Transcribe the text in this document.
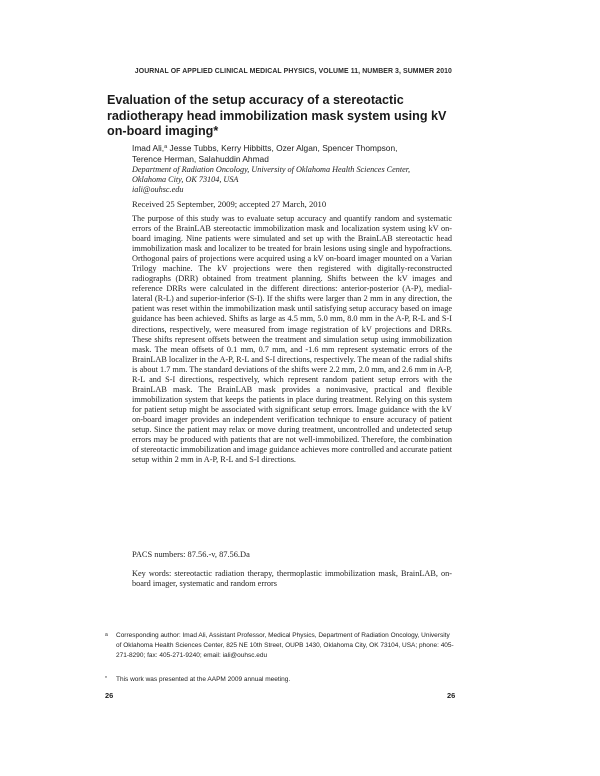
JOURNAL OF APPLIED CLINICAL MEDICAL PHYSICS, VOLUME 11, NUMBER 3, SUMMER 2010
Evaluation of the setup accuracy of a stereotactic radiotherapy head immobilization mask system using kV on-board imaging*
Imad Ali,$^a$ Jesse Tubbs, Kerry Hibbitts, Ozer Algan, Spencer Thompson,
Terence Herman, Salahuddin Ahmad
Department of Radiation Oncology, University of Oklahoma Health Sciences Center,
Oklahoma City, OK 73104, USA
iali@ouhsc.edu
Received 25 September, 2009; accepted 27 March, 2010
The purpose of this study was to evaluate setup accuracy and quantify random and systematic errors of the BrainLAB stereotactic immobilization mask and localization system using kV on-board imaging. Nine patients were simulated and set up with the BrainLAB stereotactic head immobilization mask and localizer to be treated for brain lesions using single and hypofractions. Orthogonal pairs of projections were acquired using a kV on-board imager mounted on a Varian Trilogy machine. The kV projections were then registered with digitally-reconstructed radiographs (DRR) obtained from treatment planning. Shifts between the kV images and reference DRRs were calculated in the different directions: anterior-posterior (A-P), medial-lateral (R-L) and superior-inferior (S-I). If the shifts were larger than 2 mm in any direction, the patient was reset within the immobilization mask until satisfying setup accuracy based on image guidance has been achieved. Shifts as large as 4.5 mm, 5.0 mm, 8.0 mm in the A-P, R-L and S-I directions, respectively, were measured from image registration of kV projections and DRRs. These shifts represent offsets between the treatment and simulation setup using immobilization mask. The mean offsets of 0.1 mm, 0.7 mm, and -1.6 mm represent systematic errors of the BrainLAB localizer in the A-P, R-L and S-I directions, respectively. The mean of the radial shifts is about 1.7 mm. The standard deviations of the shifts were 2.2 mm, 2.0 mm, and 2.6 mm in A-P, R-L and S-I directions, respectively, which represent random patient setup errors with the BrainLAB mask. The BrainLAB mask provides a noninvasive, practical and flexible immobilization system that keeps the patients in place during treatment. Relying on this system for patient setup might be associated with significant setup errors. Image guidance with the kV on-board imager provides an independent verification technique to ensure accuracy of patient setup. Since the patient may relax or move during treatment, uncontrolled and undetected setup errors may be produced with patients that are not well-immobilized. Therefore, the combination of stereotactic immobilization and image guidance achieves more controlled and accurate patient setup within 2 mm in A-P, R-L and S-I directions.
PACS numbers: 87.56.-v, 87.56.Da
Key words: stereotactic radiation therapy, thermoplastic immobilization mask, BrainLAB, on-board imager, systematic and random errors
a Corresponding author: Imad Ali, Assistant Professor, Medical Physics, Department of Radiation Oncology, University of Oklahoma Health Sciences Center, 825 NE 10th Street, OUPB 1430, Oklahoma City, OK 73104, USA; phone: 405-271-8290; fax: 405-271-9240; email: iali@ouhsc.edu
* This work was presented at the AAPM 2009 annual meeting.
26	26
